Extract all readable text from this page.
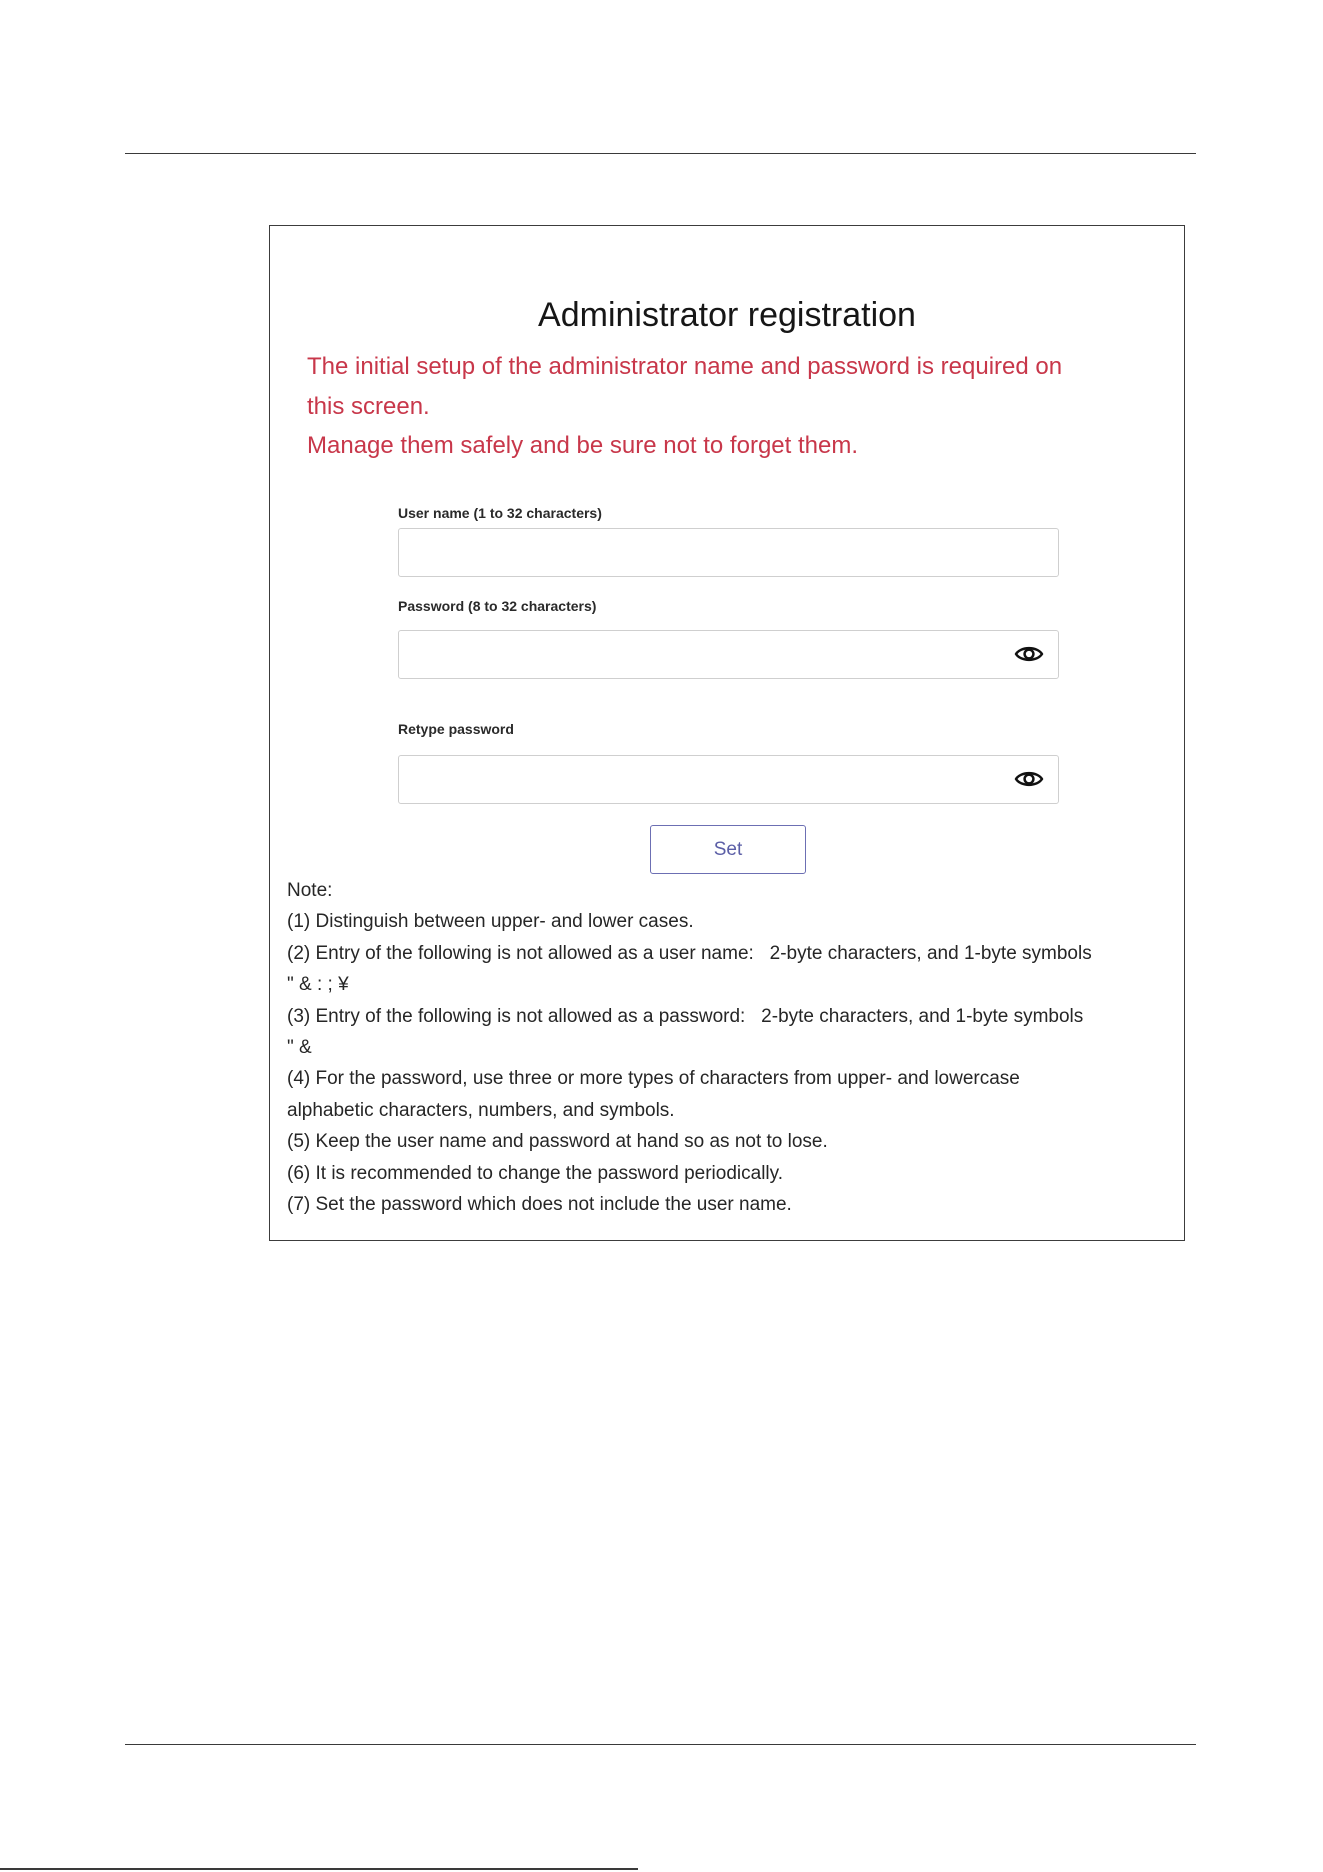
Administrator registration
The initial setup of the administrator name and password is required on
this screen.
Manage them safely and be sure not to forget them.
User name (1 to 32 characters)
Password (8 to 32 characters)
Retype password
Set
Note:
(1) Distinguish between upper- and lower cases.
(2) Entry of the following is not allowed as a user name:   2-byte characters, and 1-byte symbols
" & : ; ¥
(3) Entry of the following is not allowed as a password:   2-byte characters, and 1-byte symbols
" &
(4) For the password, use three or more types of characters from upper- and lowercase
alphabetic characters, numbers, and symbols.
(5) Keep the user name and password at hand so as not to lose.
(6) It is recommended to change the password periodically.
(7) Set the password which does not include the user name.
